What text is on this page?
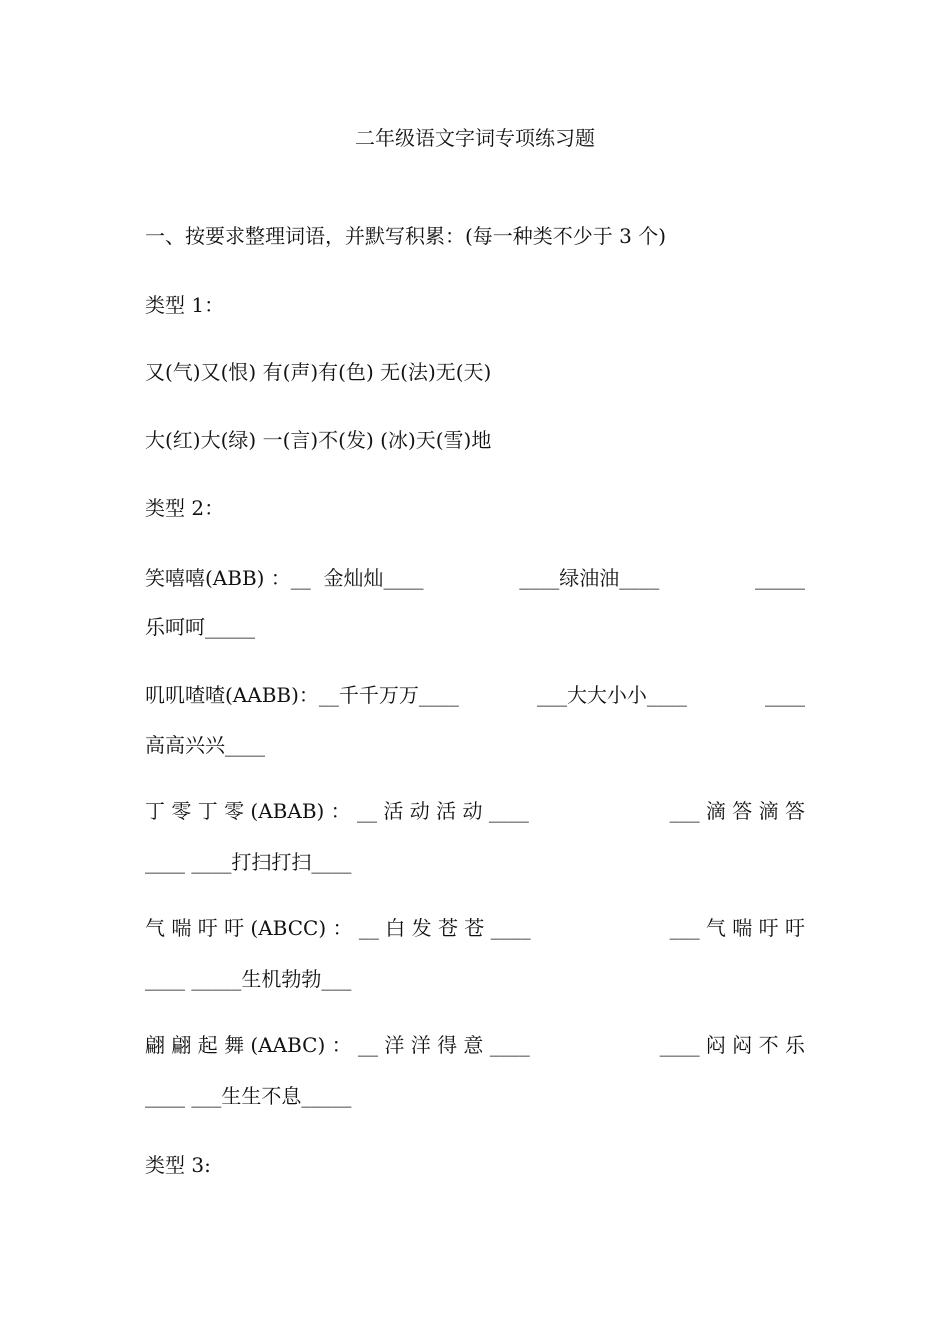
二年级语文字词专项练习题
一、按要求整理词语，并默写积累：(每一种类不少于 3 个)
类型 1：
又(气)又(恨) 有(声)有(色) 无(法)无(天)
大(红)大(绿) 一(言)不(发) (冰)天(雪)地
类型 2：
笑嘻嘻(ABB) ：__  金灿灿____	____绿油油____	_____
乐呵呵_____
叽叽喳喳(AABB)：__千千万万____	___大大小小____	____
高高兴兴____
丁 零 丁 零 (ABAB) ： __ 活 动 活 动 ____	___ 滴 答 滴 答
____ ____打扫打扫____
气 喘 吁 吁 (ABCC) ： __ 白 发 苍 苍 ____	___ 气 喘 吁 吁
____ _____生机勃勃___
翩 翩 起 舞 (AABC) ： __ 洋 洋 得 意 ____	____ 闷 闷 不 乐
____ ___生生不息_____
类型 3:
